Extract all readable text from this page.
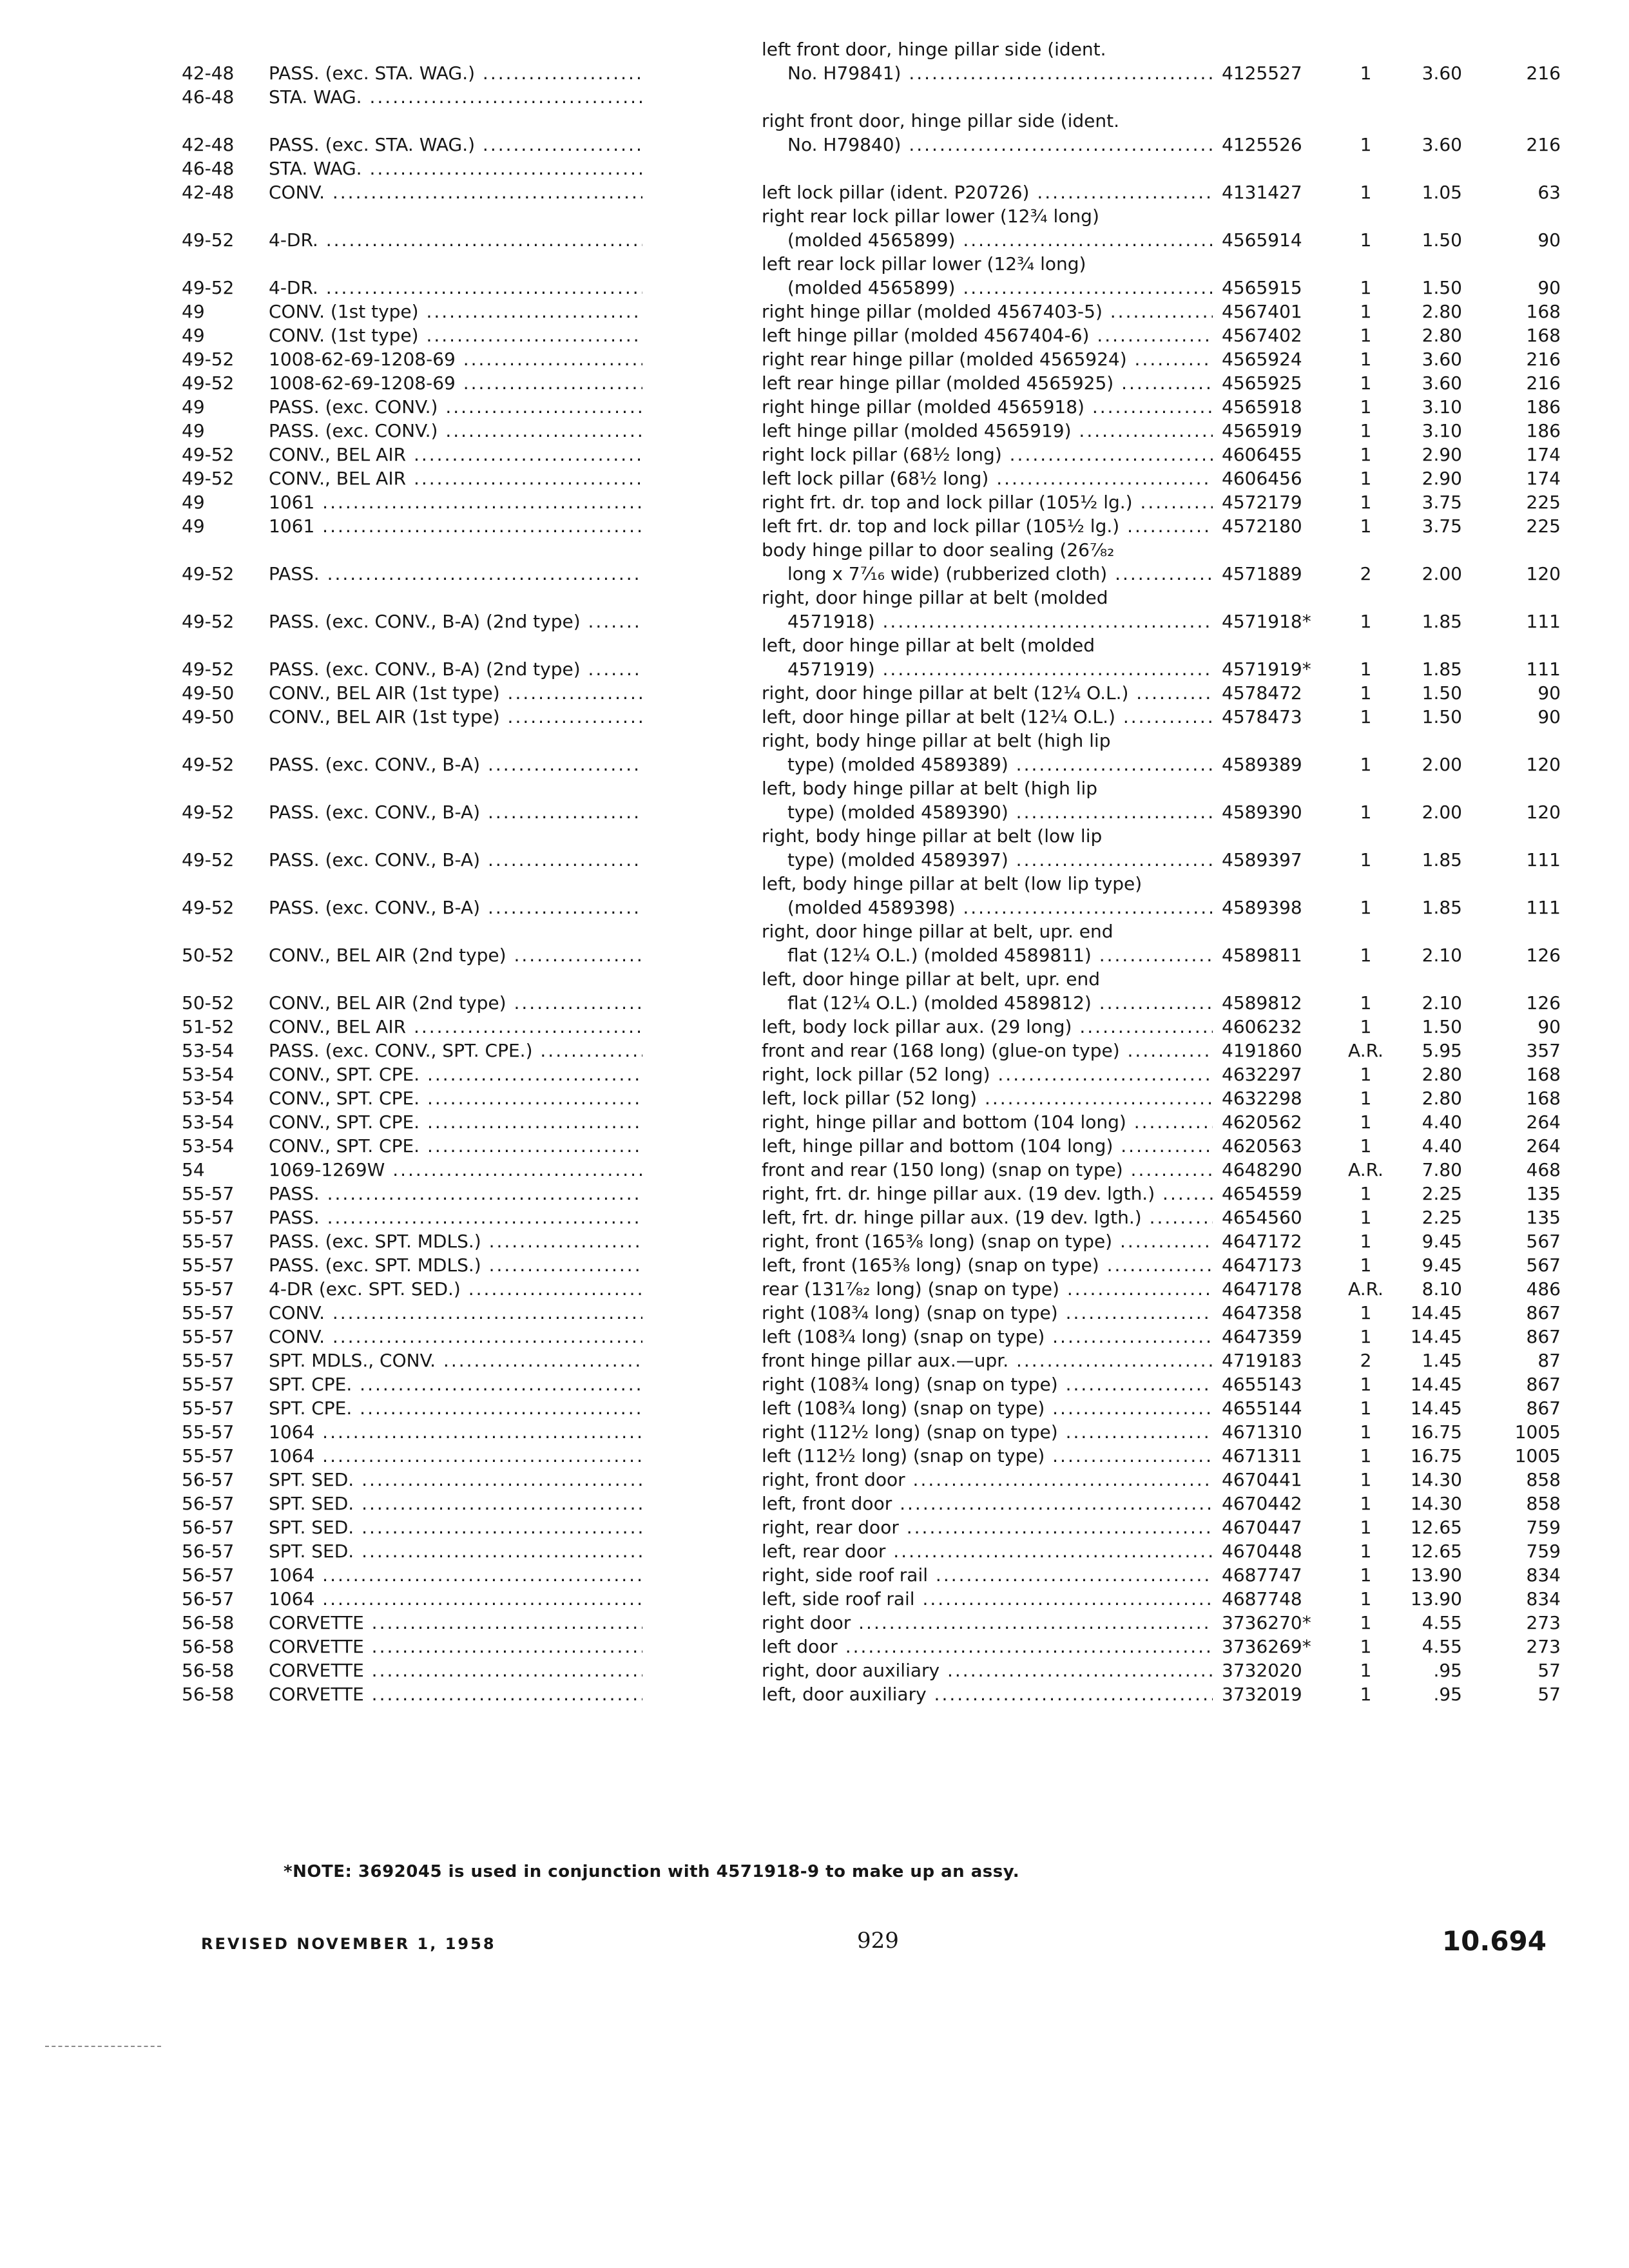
42-48	PASS. (exc. STA. WAG.) .....	left front door, hinge pillar side (ident.
No. H79841) .....	4125527	1	3.60	216
46-48	STA. WAG. .....

42-48	PASS. (exc. STA. WAG.) .....	right front door, hinge pillar side (ident.
No. H79840) .....	4125526	1	3.60	216
46-48	STA. WAG. .....

42-48	CONV. .....	left lock pillar (ident. P20726) .....	4131427	1	1.05	63
49-52	4-DR. .....	right rear lock pillar lower (12¾ long)
(molded 4565899) .....	4565914	1	1.50	90
49-52	4-DR. .....	left rear lock pillar lower (12¾ long)
(molded 4565899) .....	4565915	1	1.50	90
49	CONV. (1st type) .....	right hinge pillar (molded 4567403-5) .....	4567401	1	2.80	168
49	CONV. (1st type) .....	left hinge pillar (molded 4567404-6) .....	4567402	1	2.80	168
49-52	1008-62-69-1208-69 .....	right rear hinge pillar (molded 4565924) .....	4565924	1	3.60	216
49-52	1008-62-69-1208-69 .....	left rear hinge pillar (molded 4565925) .....	4565925	1	3.60	216
49	PASS. (exc. CONV.) .....	right hinge pillar (molded 4565918) .....	4565918	1	3.10	186
49	PASS. (exc. CONV.) .....	left hinge pillar (molded 4565919) .....	4565919	1	3.10	186
49-52	CONV., BEL AIR .....	right lock pillar (68½ long) .....	4606455	1	2.90	174
49-52	CONV., BEL AIR .....	left lock pillar (68½ long) .....	4606456	1	2.90	174
49	1061 .....	right frt. dr. top and lock pillar (105½ lg.) .....	4572179	1	3.75	225
49	1061 .....	left frt. dr. top and lock pillar (105½ lg.) .....	4572180	1	3.75	225
49-52	PASS. .....	body hinge pillar to door sealing (26⅞₂
long x 7⁷⁄₁₆ wide) (rubberized cloth) .....	4571889	2	2.00	120
49-52	PASS. (exc. CONV., B-A) (2nd type) .....	right, door hinge pillar at belt (molded
4571918) .....	4571918*	1	1.85	111
49-52	PASS. (exc. CONV., B-A) (2nd type) .....	left, door hinge pillar at belt (molded
4571919) .....	4571919*	1	1.85	111
49-50	CONV., BEL AIR (1st type) .....	right, door hinge pillar at belt (12¼ O.L.) .....	4578472	1	1.50	90
49-50	CONV., BEL AIR (1st type) .....	left, door hinge pillar at belt (12¼ O.L.) .....	4578473	1	1.50	90
49-52	PASS. (exc. CONV., B-A) .....	right, body hinge pillar at belt (high lip
type) (molded 4589389) .....	4589389	1	2.00	120
49-52	PASS. (exc. CONV., B-A) .....	left, body hinge pillar at belt (high lip
type) (molded 4589390) .....	4589390	1	2.00	120
49-52	PASS. (exc. CONV., B-A) .....	right, body hinge pillar at belt (low lip
type) (molded 4589397) .....	4589397	1	1.85	111
49-52	PASS. (exc. CONV., B-A) .....	left, body hinge pillar at belt (low lip type)
(molded 4589398) .....	4589398	1	1.85	111
50-52	CONV., BEL AIR (2nd type) .....	right, door hinge pillar at belt, upr. end
flat (12¼ O.L.) (molded 4589811) .....	4589811	1	2.10	126
50-52	CONV., BEL AIR (2nd type) .....	left, door hinge pillar at belt, upr. end
flat (12¼ O.L.) (molded 4589812) .....	4589812	1	2.10	126
51-52	CONV., BEL AIR .....	left, body lock pillar aux. (29 long) .....	4606232	1	1.50	90
53-54	PASS. (exc. CONV., SPT. CPE.) .....	front and rear (168 long) (glue-on type) .....	4191860	A.R.	5.95	357
53-54	CONV., SPT. CPE. .....	right, lock pillar (52 long) .....	4632297	1	2.80	168
53-54	CONV., SPT. CPE. .....	left, lock pillar (52 long) .....	4632298	1	2.80	168
53-54	CONV., SPT. CPE. .....	right, hinge pillar and bottom (104 long) .....	4620562	1	4.40	264
53-54	CONV., SPT. CPE. .....	left, hinge pillar and bottom (104 long) .....	4620563	1	4.40	264
54	1069-1269W .....	front and rear (150 long) (snap on type) .....	4648290	A.R.	7.80	468
55-57	PASS. .....	right, frt. dr. hinge pillar aux. (19 dev. lgth.) .....	4654559	1	2.25	135
55-57	PASS. .....	left, frt. dr. hinge pillar aux. (19 dev. lgth.) .....	4654560	1	2.25	135
55-57	PASS. (exc. SPT. MDLS.) .....	right, front (165⅜ long) (snap on type) .....	4647172	1	9.45	567
55-57	PASS. (exc. SPT. MDLS.) .....	left, front (165⅜ long) (snap on type) .....	4647173	1	9.45	567
55-57	4-DR (exc. SPT. SED.) .....	rear (131⅞₂ long) (snap on type) .....	4647178	A.R.	8.10	486
55-57	CONV. .....	right (108¾ long) (snap on type) .....	4647358	1	14.45	867
55-57	CONV. .....	left (108¾ long) (snap on type) .....	4647359	1	14.45	867
55-57	SPT. MDLS., CONV. .....	front hinge pillar aux.—upr. .....	4719183	2	1.45	87
55-57	SPT. CPE. .....	right (108¾ long) (snap on type) .....	4655143	1	14.45	867
55-57	SPT. CPE. .....	left (108¾ long) (snap on type) .....	4655144	1	14.45	867
55-57	1064 .....	right (112½ long) (snap on type) .....	4671310	1	16.75	1005
55-57	1064 .....	left (112½ long) (snap on type) .....	4671311	1	16.75	1005
56-57	SPT. SED. .....	right, front door .....	4670441	1	14.30	858
56-57	SPT. SED. .....	left, front door .....	4670442	1	14.30	858
56-57	SPT. SED. .....	right, rear door .....	4670447	1	12.65	759
56-57	SPT. SED. .....	left, rear door .....	4670448	1	12.65	759
56-57	1064 .....	right, side roof rail .....	4687747	1	13.90	834
56-57	1064 .....	left, side roof rail .....	4687748	1	13.90	834
56-58	CORVETTE .....	right door .....	3736270*	1	4.55	273
56-58	CORVETTE .....	left door .....	3736269*	1	4.55	273
56-58	CORVETTE .....	right, door auxiliary .....	3732020	1	.95	57
56-58	CORVETTE .....	left, door auxiliary .....	3732019	1	.95	57
*NOTE: 3692045 is used in conjunction with 4571918-9 to make up an assy.
REVISED NOVEMBER 1, 1958	929	10.694
